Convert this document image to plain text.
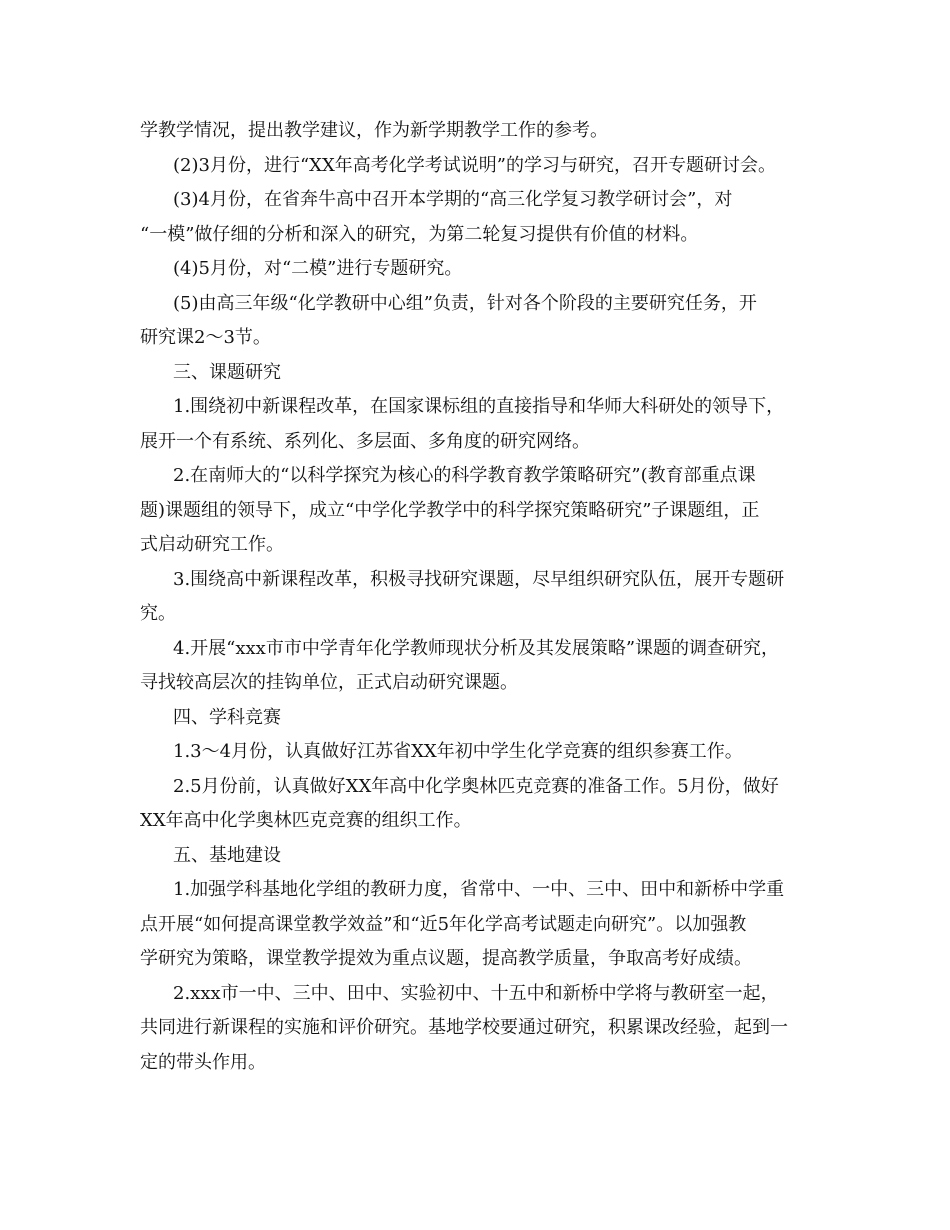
学教学情况，提出教学建议，作为新学期教学工作的参考。
(2)3月份，进行“XX年高考化学考试说明”的学习与研究，召开专题研讨会。
(3)4月份，在省奔牛高中召开本学期的“高三化学复习教学研讨会”，对
“一模”做仔细的分析和深入的研究，为第二轮复习提供有价值的材料。
(4)5月份，对“二模”进行专题研究。
(5)由高三年级“化学教研中心组”负责，针对各个阶段的主要研究任务，开
研究课2～3节。
三、课题研究
1.围绕初中新课程改革，在国家课标组的直接指导和华师大科研处的领导下，
展开一个有系统、系列化、多层面、多角度的研究网络。
2.在南师大的“以科学探究为核心的科学教育教学策略研究”(教育部重点课
题)课题组的领导下，成立“中学化学教学中的科学探究策略研究”子课题组，正
式启动研究工作。
3.围绕高中新课程改革，积极寻找研究课题，尽早组织研究队伍，展开专题研
究。
4.开展“xxx市市中学青年化学教师现状分析及其发展策略”课题的调查研究，
寻找较高层次的挂钩单位，正式启动研究课题。
四、学科竞赛
1.3～4月份，认真做好江苏省XX年初中学生化学竞赛的组织参赛工作。
2.5月份前，认真做好XX年高中化学奥林匹克竞赛的准备工作。5月份，做好
XX年高中化学奥林匹克竞赛的组织工作。
五、基地建设
1.加强学科基地化学组的教研力度，省常中、一中、三中、田中和新桥中学重
点开展“如何提高课堂教学效益”和“近5年化学高考试题走向研究”。以加强教
学研究为策略，课堂教学提效为重点议题，提高教学质量，争取高考好成绩。
2.xxx市一中、三中、田中、实验初中、十五中和新桥中学将与教研室一起，
共同进行新课程的实施和评价研究。基地学校要通过研究，积累课改经验，起到一
定的带头作用。
